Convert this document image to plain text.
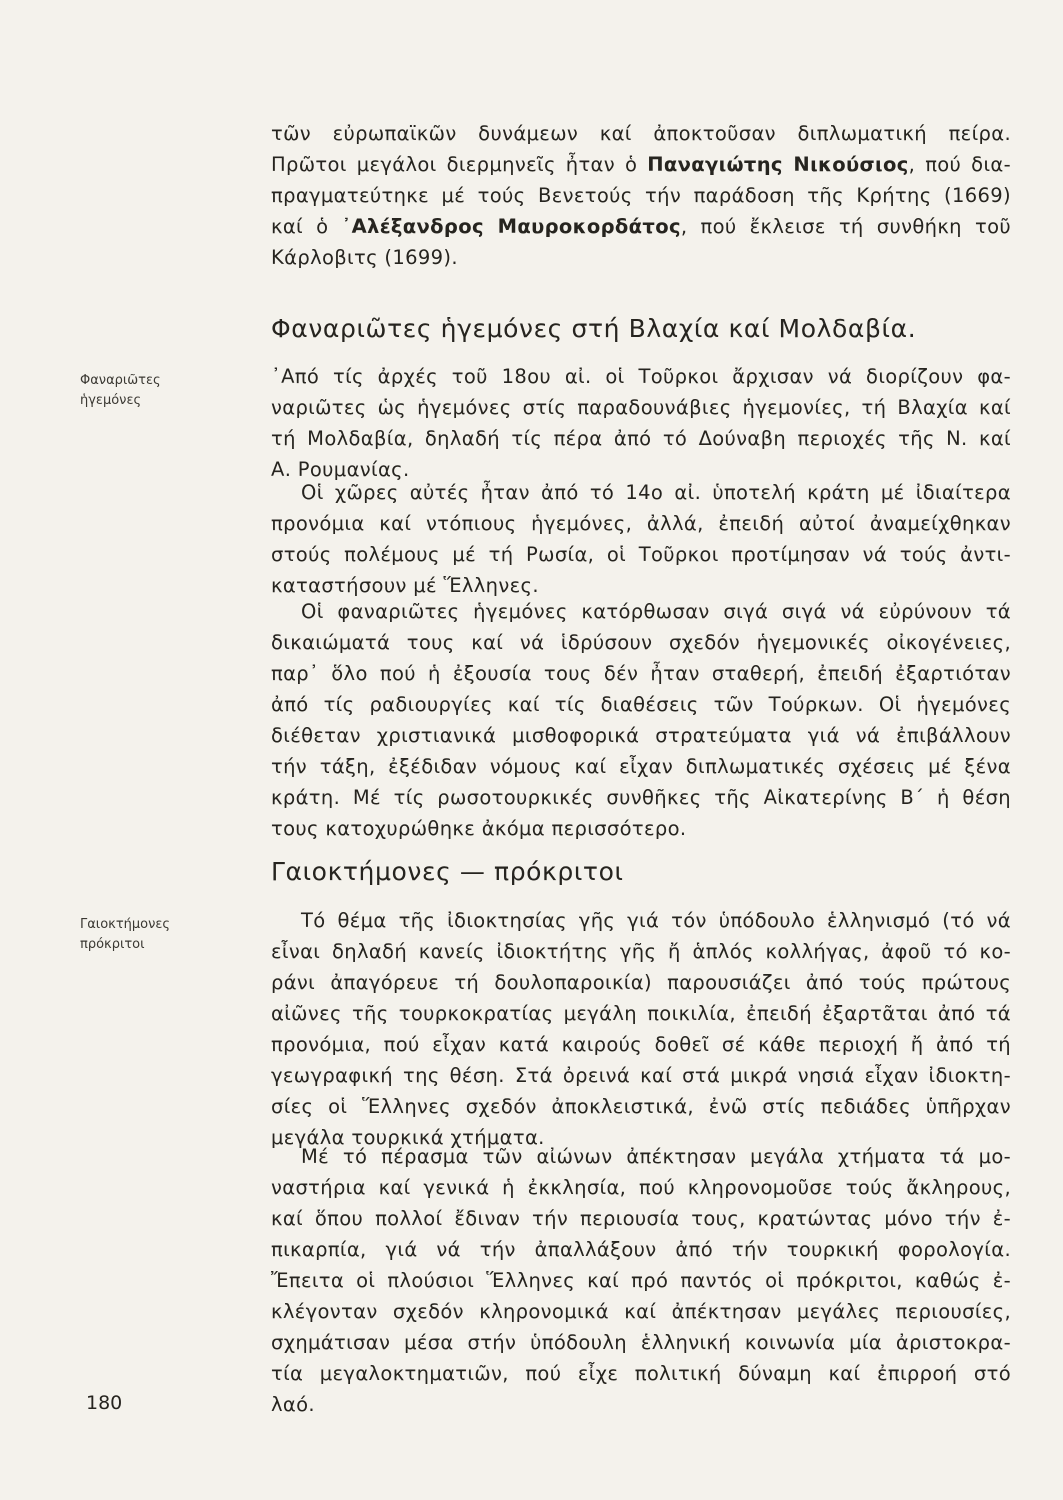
τῶν εὐρωπαϊκῶν δυνάμεων καί ἀποκτοῦσαν διπλωματική πείρα.
Πρῶτοι μεγάλοι διερμηνεῖς ἦταν ὁ Παναγιώτης Νικούσιος, πού δια-
πραγματεύτηκε μέ τούς Βενετούς τήν παράδοση τῆς Κρήτης (1669)
καί ὁ ᾿Αλέξανδρος Μαυροκορδάτος, πού ἔκλεισε τή συνθήκη τοῦ
Κάρλοβιτς (1699).

Φαναριῶτες ἡγεμόνες στή Βλαχία καί Μολδαβία.
Φαναριῶτες
ἡγεμόνες

᾿Από τίς ἀρχές τοῦ 18ου αἰ. οἱ Τοῦρκοι ἄρχισαν νά διορίζουν φα-
ναριῶτες ὡς ἡγεμόνες στίς παραδουνάβιες ἡγεμονίες, τή Βλαχία καί
τή Μολδαβία, δηλαδή τίς πέρα ἀπό τό Δούναβη περιοχές τῆς Ν. καί
Α. Ρουμανίας.

Οἱ χῶρες αὐτές ἦταν ἀπό τό 14ο αἰ. ὑποτελή κράτη μέ ἰδιαίτερα
προνόμια καί ντόπιους ἡγεμόνες, ἀλλά, ἐπειδή αὐτοί ἀναμείχθηκαν
στούς πολέμους μέ τή Ρωσία, οἱ Τοῦρκοι προτίμησαν νά τούς ἀντι-
καταστήσουν μέ Ἕλληνες.

Οἱ φαναριῶτες ἡγεμόνες κατόρθωσαν σιγά σιγά νά εὐρύνουν τά
δικαιώματά τους καί νά ἱδρύσουν σχεδόν ἡγεμονικές οἰκογένειες,
παρ᾿ ὅλο πού ἡ ἐξουσία τους δέν ἦταν σταθερή, ἐπειδή ἐξαρτιόταν
ἀπό τίς ραδιουργίες καί τίς διαθέσεις τῶν Τούρκων. Οἱ ἡγεμόνες
διέθεταν χριστιανικά μισθοφορικά στρατεύματα γιά νά ἐπιβάλλουν
τήν τάξη, ἐξέδιδαν νόμους καί εἶχαν διπλωματικές σχέσεις μέ ξένα
κράτη. Μέ τίς ρωσοτουρκικές συνθῆκες τῆς Αἰκατερίνης Β´ ἡ θέση
τους κατοχυρώθηκε ἀκόμα περισσότερο.

Γαιοκτήμονες — πρόκριτοι
Γαιοκτήμονες
πρόκριτοι

Τό θέμα τῆς ἰδιοκτησίας γῆς γιά τόν ὑπόδουλο ἑλληνισμό (τό νά
εἶναι δηλαδή κανείς ἰδιοκτήτης γῆς ἤ ἁπλός κολλήγας, ἀφοῦ τό κο-
ράνι ἀπαγόρευε τή δουλοπαροικία) παρουσιάζει ἀπό τούς πρώτους
αἰῶνες τῆς τουρκοκρατίας μεγάλη ποικιλία, ἐπειδή ἐξαρτᾶται ἀπό τά
προνόμια, πού εἶχαν κατά καιρούς δοθεῖ σέ κάθε περιοχή ἤ ἀπό τή
γεωγραφική της θέση. Στά ὀρεινά καί στά μικρά νησιά εἶχαν ἰδιοκτη-
σίες οἱ Ἕλληνες σχεδόν ἀποκλειστικά, ἐνῶ στίς πεδιάδες ὑπῆρχαν
μεγάλα τουρκικά χτήματα.

Μέ τό πέρασμα τῶν αἰώνων ἀπέκτησαν μεγάλα χτήματα τά μο-
ναστήρια καί γενικά ἡ ἐκκλησία, πού κληρονομοῦσε τούς ἄκληρους,
καί ὅπου πολλοί ἔδιναν τήν περιουσία τους, κρατώντας μόνο τήν ἐ-
πικαρπία, γιά νά τήν ἀπαλλάξουν ἀπό τήν τουρκική φορολογία.
Ἔπειτα οἱ πλούσιοι Ἕλληνες καί πρό παντός οἱ πρόκριτοι, καθώς ἐ-
κλέγονταν σχεδόν κληρονομικά καί ἀπέκτησαν μεγάλες περιουσίες,
σχημάτισαν μέσα στήν ὑπόδουλη ἑλληνική κοινωνία μία ἀριστοκρα-
τία μεγαλοκτηματιῶν, πού εἶχε πολιτική δύναμη καί ἐπιρροή στό
λαό.

180
